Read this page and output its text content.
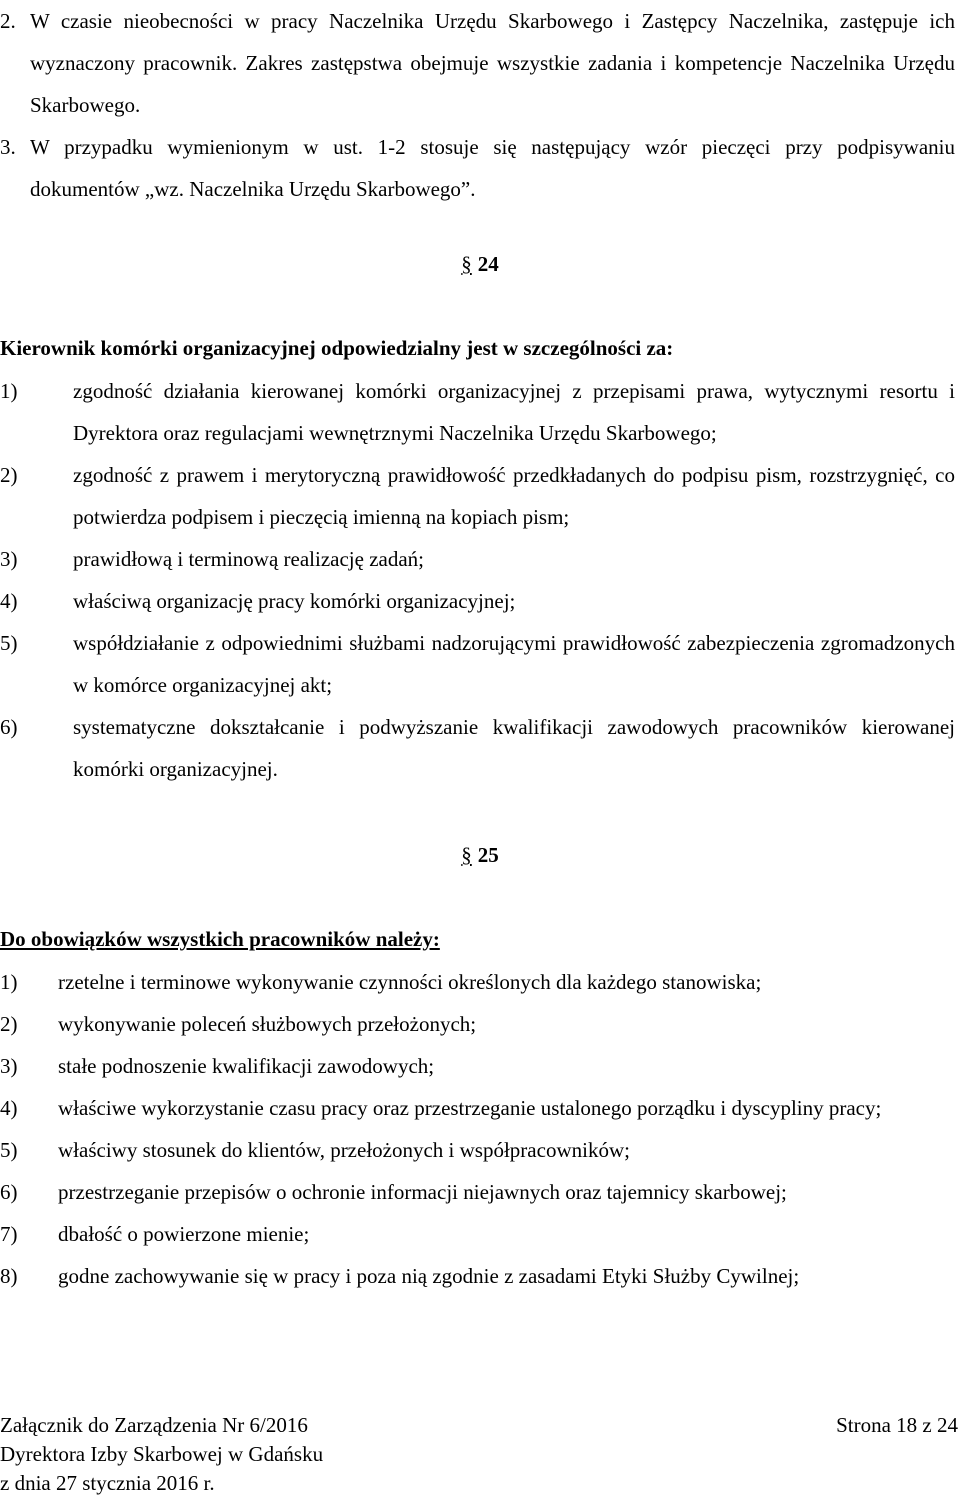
2. W czasie nieobecności w pracy Naczelnika Urzędu Skarbowego i Zastępcy Naczelnika, zastępuje ich wyznaczony pracownik. Zakres zastępstwa obejmuje wszystkie zadania i kompetencje Naczelnika Urzędu Skarbowego.
3. W przypadku wymienionym w ust. 1-2 stosuje się następujący wzór pieczęci przy podpisywaniu dokumentów „wz. Naczelnika Urzędu Skarbowego”.
§ 24
Kierownik komórki organizacyjnej odpowiedzialny jest w szczególności za:
1)	zgodność działania kierowanej komórki organizacyjnej z przepisami prawa, wytycznymi resortu i Dyrektora oraz regulacjami wewnętrznymi Naczelnika Urzędu Skarbowego;
2)	zgodność z prawem i merytoryczną prawidłowość przedkładanych do podpisu pism, rozstrzygnięć, co potwierdza podpisem i pieczęcią imienną na kopiach pism;
3)	prawidłową i terminową realizację zadań;
4)	właściwą organizację pracy komórki organizacyjnej;
5)	współdziałanie z odpowiednimi służbami nadzorującymi prawidłowość zabezpieczenia zgromadzonych w komórce organizacyjnej akt;
6)	systematyczne dokształcanie i podwyższanie kwalifikacji zawodowych pracowników kierowanej komórki organizacyjnej.
§ 25
Do obowiązków wszystkich pracowników należy:
1) rzetelne i terminowe wykonywanie czynności określonych dla każdego stanowiska;
2) wykonywanie poleceń służbowych przełożonych;
3) stałe podnoszenie kwalifikacji zawodowych;
4) właściwe wykorzystanie czasu pracy oraz przestrzeganie ustalonego porządku i dyscypliny pracy;
5) właściwy stosunek do klientów, przełożonych i współpracowników;
6) przestrzeganie przepisów o ochronie informacji niejawnych oraz tajemnicy skarbowej;
7) dbałość o powierzone mienie;
8) godne zachowywanie się w pracy i poza nią zgodnie z zasadami Etyki Służby Cywilnej;
Załącznik do Zarządzenia Nr 6/2016
Dyrektora Izby Skarbowej w Gdańsku
z dnia 27 stycznia 2016 r.
Strona 18 z 24
